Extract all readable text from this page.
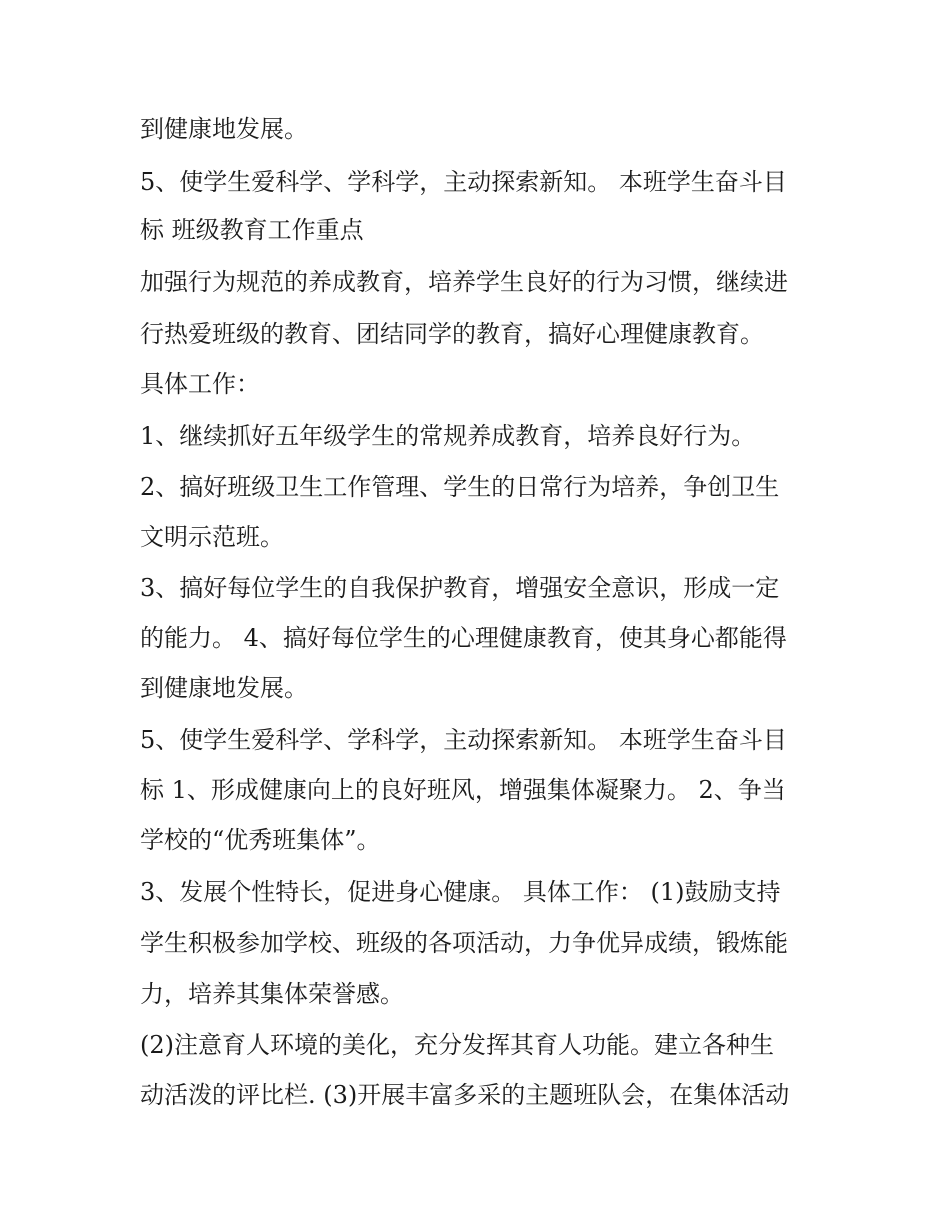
到健康地发展。

5、使学生爱科学、学科学，主动探索新知。 本班学生奋斗目

标 班级教育工作重点

加强行为规范的养成教育，培养学生良好的行为习惯，继续进

行热爱班级的教育、团结同学的教育，搞好心理健康教育。

具体工作：

1、继续抓好五年级学生的常规养成教育，培养良好行为。

2、搞好班级卫生工作管理、学生的日常行为培养，争创卫生

文明示范班。

3、搞好每位学生的自我保护教育，增强安全意识，形成一定

的能力。 4、搞好每位学生的心理健康教育，使其身心都能得

到健康地发展。

5、使学生爱科学、学科学，主动探索新知。 本班学生奋斗目

标 1、形成健康向上的良好班风，增强集体凝聚力。 2、争当

学校的“优秀班集体”。

3、发展个性特长，促进身心健康。 具体工作： (1)鼓励支持

学生积极参加学校、班级的各项活动，力争优异成绩，锻炼能

力，培养其集体荣誉感。

(2)注意育人环境的美化，充分发挥其育人功能。建立各种生

动活泼的评比栏. (3)开展丰富多采的主题班队会，在集体活动
